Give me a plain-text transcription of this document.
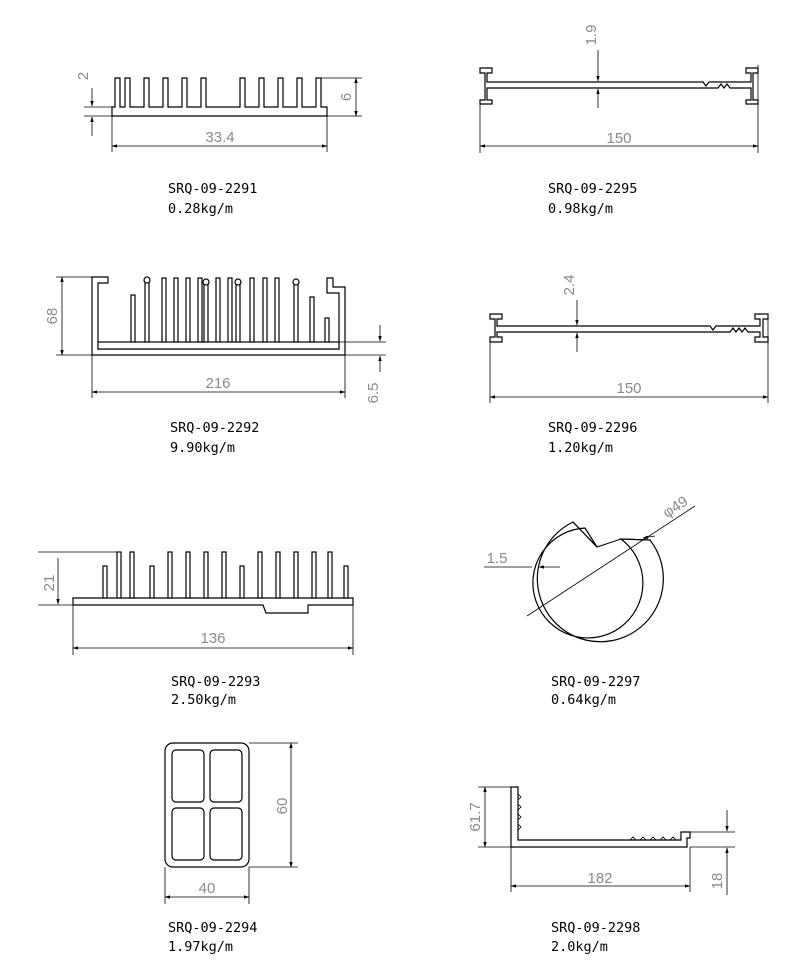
2
6
33.4
SRQ-09-2291
0.28kg/m
68
216	6.5
SRQ-09-2292
9.90kg/m
21
136
SRQ-09-2293
2.50kg/m
60
40
SRQ-09-2294
1.97kg/m
1.9
150
SRQ-09-2295
0.98kg/m
2.4
150
SRQ-09-2296
1.20kg/m
φ49
1.5
SRQ-09-2297
0.64kg/m
61.7
182	18
SRQ-09-2298
2.0kg/m
